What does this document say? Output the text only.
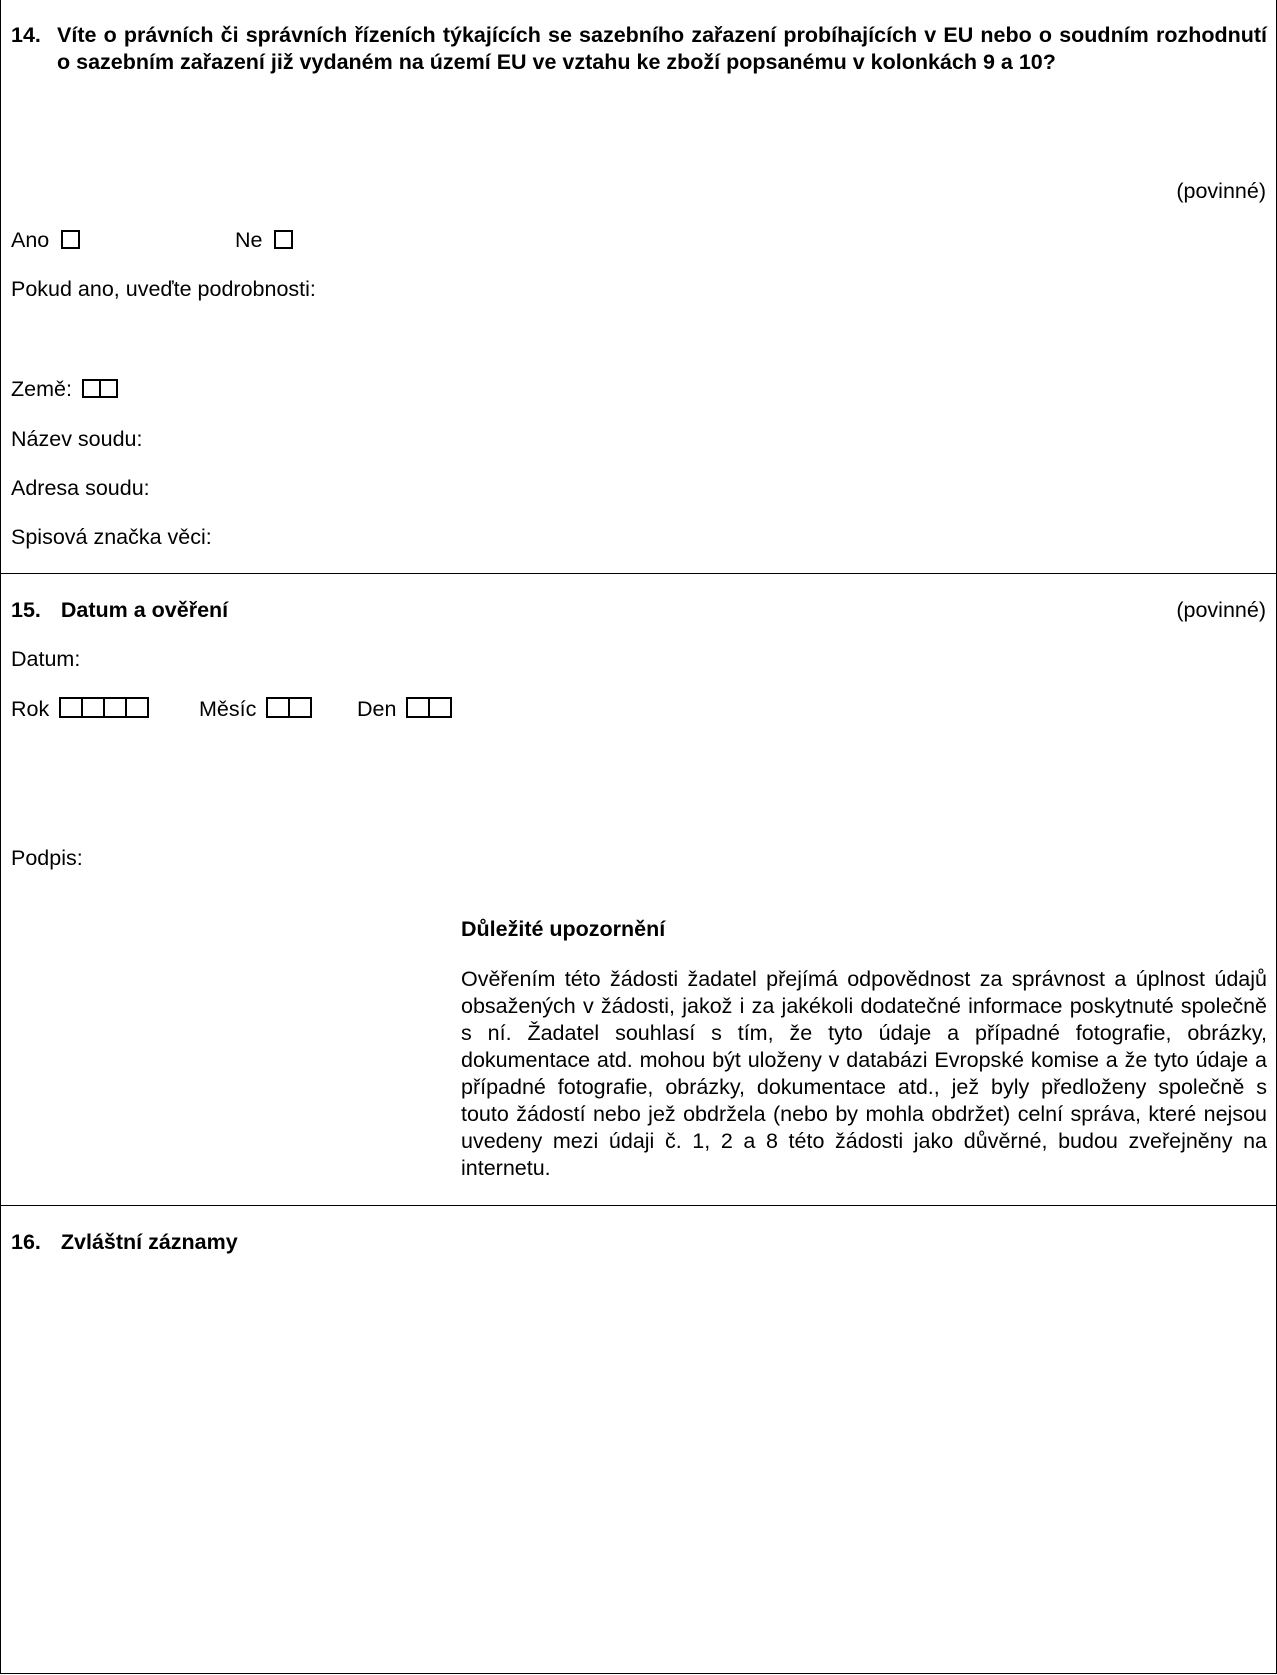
14. Víte o právních či správních řízeních týkajících se sazebního zařazení probíhajících v EU nebo o soudním rozhodnutí o sazebním zařazení již vydaném na území EU ve vztahu ke zboží popsanému v kolonkách 9 a 10?
(povinné)
Ano	Ne
Pokud ano, uveďte podrobnosti:
Země:
Název soudu:
Adresa soudu:
Spisová značka věci:
15. Datum a ověření	(povinné)
Datum:
Rok	Měsíc	Den
Podpis:
Důležité upozornění
Ověřením této žádosti žadatel přejímá odpovědnost za správnost a úplnost údajů obsažených v žádosti, jakož i za jakékoli dodatečné informace poskytnuté společně s ní. Žadatel souhlasí s tím, že tyto údaje a případné fotografie, obrázky, dokumentace atd. mohou být uloženy v databázi Evropské komise a že tyto údaje a případné fotografie, obrázky, dokumentace atd., jež byly předloženy společně s touto žádostí nebo jež obdržela (nebo by mohla obdržet) celní správa, které nejsou uvedeny mezi údaji č. 1, 2 a 8 této žádosti jako důvěrné, budou zveřejněny na internetu.
16. Zvláštní záznamy
